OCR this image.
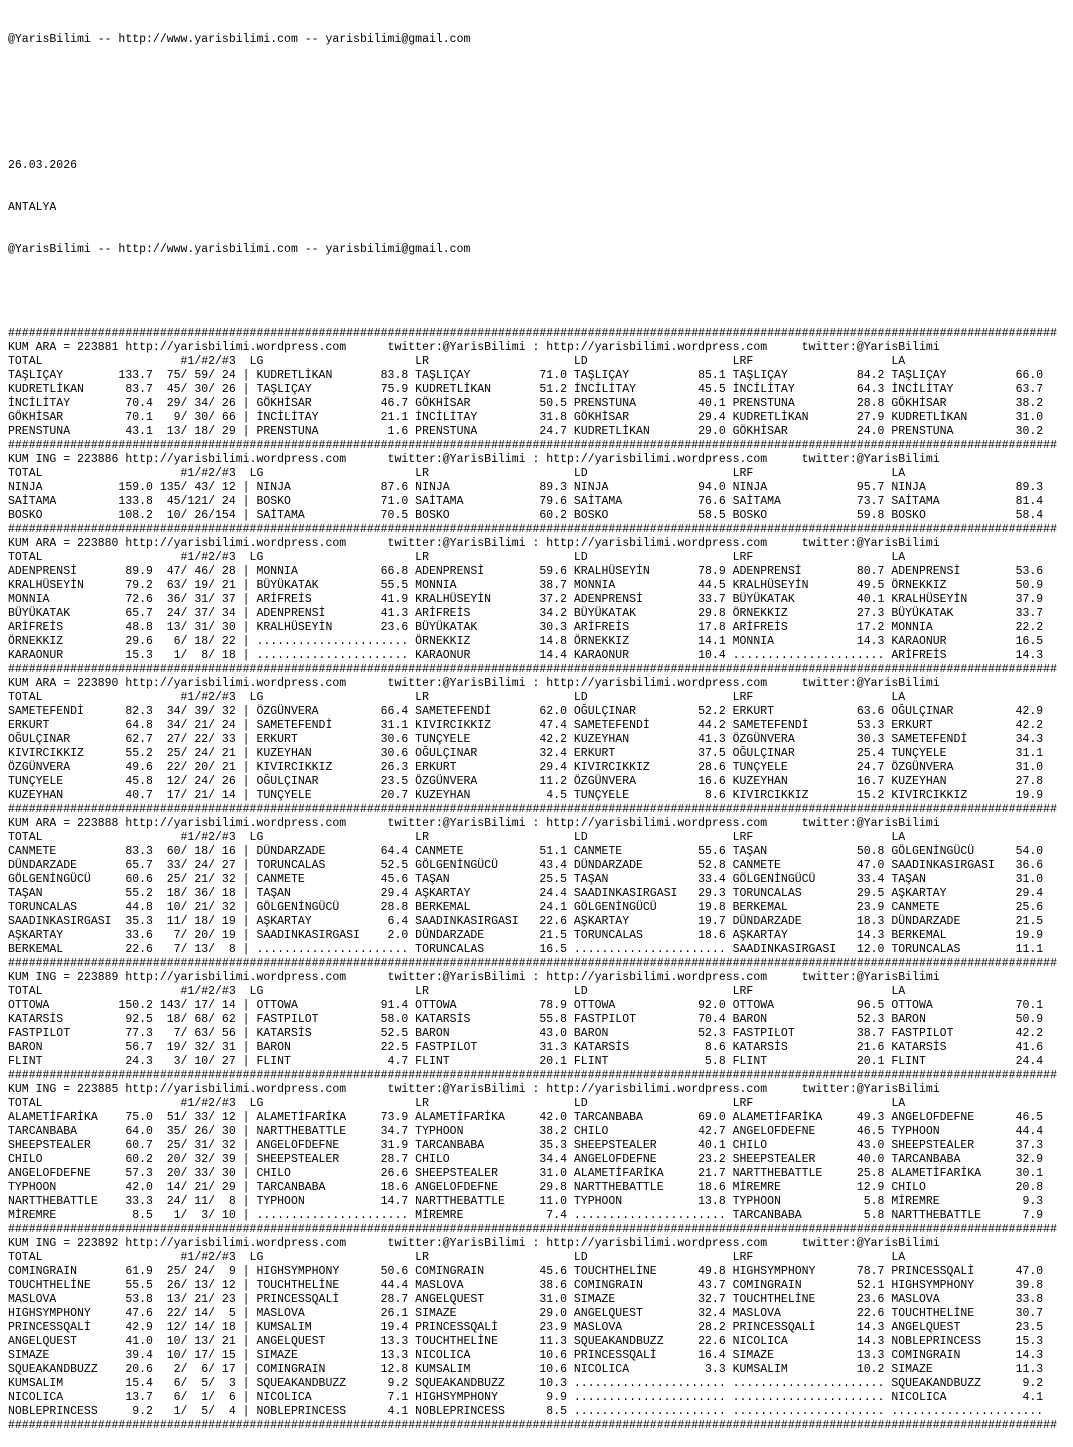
@YarisBilimi -- http://www.yarisbilimi.com -- yarisbilimi@gmail.com

26.03.2026

ANTALYA

@YarisBilimi -- http://www.yarisbilimi.com -- yarisbilimi@gmail.com

########################################################################################################################################################
KUM ARA = 223881 http://yarisbilimi.wordpress.com      twitter:@YarisBilimi : http://yarisbilimi.wordpress.com     twitter:@YarisBilimi
TOTAL                    #1/#2/#3  LG                      LR                     LD                     LRF                    LA
TAŞLIÇAY        133.7  75/ 59/ 24 | KUDRETLİKAN       83.8 TAŞLIÇAY          71.0 TAŞLIÇAY          85.1 TAŞLIÇAY          84.2 TAŞLIÇAY          66.0
KUDRETLİKAN      83.7  45/ 30/ 26 | TAŞLIÇAY          75.9 KUDRETLİKAN       51.2 İNCİLİTAY         45.5 İNCİLİTAY         64.3 İNCİLİTAY         63.7
İNCİLİTAY        70.4  29/ 34/ 26 | GÖKHİSAR          46.7 GÖKHİSAR          50.5 PRENSTUNA         40.1 PRENSTUNA         28.8 GÖKHİSAR          38.2
GÖKHİSAR         70.1   9/ 30/ 66 | İNCİLİTAY         21.1 İNCİLİTAY         31.8 GÖKHİSAR          29.4 KUDRETLİKAN       27.9 KUDRETLİKAN       31.0
PRENSTUNA        43.1  13/ 18/ 29 | PRENSTUNA          1.6 PRENSTUNA         24.7 KUDRETLİKAN       29.0 GÖKHİSAR          24.0 PRENSTUNA         30.2
########################################################################################################################################################
KUM ING = 223886 http://yarisbilimi.wordpress.com      twitter:@YarisBilimi : http://yarisbilimi.wordpress.com     twitter:@YarisBilimi
TOTAL                    #1/#2/#3  LG                      LR                     LD                     LRF                    LA
NINJA           159.0 135/ 43/ 12 | NINJA             87.6 NINJA             89.3 NINJA             94.0 NINJA             95.7 NINJA             89.3
SAİTAMA         133.8  45/121/ 24 | BOSKO             71.0 SAİTAMA           79.6 SAİTAMA           76.6 SAİTAMA           73.7 SAİTAMA           81.4
BOSKO           108.2  10/ 26/154 | SAİTAMA           70.5 BOSKO             60.2 BOSKO             58.5 BOSKO             59.8 BOSKO             58.4
########################################################################################################################################################
KUM ARA = 223880 http://yarisbilimi.wordpress.com      twitter:@YarisBilimi : http://yarisbilimi.wordpress.com     twitter:@YarisBilimi
TOTAL                    #1/#2/#3  LG                      LR                     LD                     LRF                    LA
ADENPRENSİ       89.9  47/ 46/ 28 | MONNIA            66.8 ADENPRENSİ        59.6 KRALHÜSEYİN       78.9 ADENPRENSİ        80.7 ADENPRENSİ        53.6
KRALHÜSEYİN      79.2  63/ 19/ 21 | BÜYÜKATAK         55.5 MONNIA            38.7 MONNIA            44.5 KRALHÜSEYİN       49.5 ÖRNEKKIZ          50.9
MONNIA           72.6  36/ 31/ 37 | ARİFREİS          41.9 KRALHÜSEYİN       37.2 ADENPRENSİ        33.7 BÜYÜKATAK         40.1 KRALHÜSEYİN       37.9
BÜYÜKATAK        65.7  24/ 37/ 34 | ADENPRENSİ        41.3 ARİFREİS          34.2 BÜYÜKATAK         29.8 ÖRNEKKIZ          27.3 BÜYÜKATAK         33.7
ARİFREİS         48.8  13/ 31/ 30 | KRALHÜSEYİN       23.6 BÜYÜKATAK         30.3 ARİFREİS          17.8 ARİFREİS          17.2 MONNIA            22.2
ÖRNEKKIZ         29.6   6/ 18/ 22 | ...................... ÖRNEKKIZ          14.8 ÖRNEKKIZ          14.1 MONNIA            14.3 KARAONUR          16.5
KARAONUR         15.3   1/  8/ 18 | ...................... KARAONUR          14.4 KARAONUR          10.4 ...................... ARİFREİS          14.3
########################################################################################################################################################
KUM ARA = 223890 http://yarisbilimi.wordpress.com      twitter:@YarisBilimi : http://yarisbilimi.wordpress.com     twitter:@YarisBilimi
TOTAL                    #1/#2/#3  LG                      LR                     LD                     LRF                    LA
SAMETEFENDİ      82.3  34/ 39/ 32 | ÖZGÜNVERA         66.4 SAMETEFENDİ       62.0 OĞULÇINAR         52.2 ERKURT            63.6 OĞULÇINAR         42.9
ERKURT           64.8  34/ 21/ 24 | SAMETEFENDİ       31.1 KIVIRCIKKIZ       47.4 SAMETEFENDİ       44.2 SAMETEFENDİ       53.3 ERKURT            42.2
OĞULÇINAR        62.7  27/ 22/ 33 | ERKURT            30.6 TUNÇYELE          42.2 KUZEYHAN          41.3 ÖZGÜNVERA         30.3 SAMETEFENDİ       34.3
KIVIRCIKKIZ      55.2  25/ 24/ 21 | KUZEYHAN          30.6 OĞULÇINAR         32.4 ERKURT            37.5 OĞULÇINAR         25.4 TUNÇYELE          31.1
ÖZGÜNVERA        49.6  22/ 20/ 21 | KIVIRCIKKIZ       26.3 ERKURT            29.4 KIVIRCIKKIZ       28.6 TUNÇYELE          24.7 ÖZGÜNVERA         31.0
TUNÇYELE         45.8  12/ 24/ 26 | OĞULÇINAR         23.5 ÖZGÜNVERA         11.2 ÖZGÜNVERA         16.6 KUZEYHAN          16.7 KUZEYHAN          27.8
KUZEYHAN         40.7  17/ 21/ 14 | TUNÇYELE          20.7 KUZEYHAN           4.5 TUNÇYELE           8.6 KIVIRCIKKIZ       15.2 KIVIRCIKKIZ       19.9
########################################################################################################################################################
KUM ARA = 223888 http://yarisbilimi.wordpress.com      twitter:@YarisBilimi : http://yarisbilimi.wordpress.com     twitter:@YarisBilimi
TOTAL                    #1/#2/#3  LG                      LR                     LD                     LRF                    LA
CANMETE          83.3  60/ 18/ 16 | DÜNDARZADE        64.4 CANMETE           51.1 CANMETE           55.6 TAŞAN             50.8 GÖLGENİNGÜCÜ      54.0
DÜNDARZADE       65.7  33/ 24/ 27 | TORUNCALAS        52.5 GÖLGENİNGÜCÜ      43.4 DÜNDARZADE        52.8 CANMETE           47.0 SAADINKASIRGASI   36.6
GÖLGENİNGÜCÜ     60.6  25/ 21/ 32 | CANMETE           45.6 TAŞAN             25.5 TAŞAN             33.4 GÖLGENİNGÜCÜ      33.4 TAŞAN             31.0
TAŞAN            55.2  18/ 36/ 18 | TAŞAN             29.4 AŞKARTAY          24.4 SAADINKASIRGASI   29.3 TORUNCALAS        29.5 AŞKARTAY          29.4
TORUNCALAS       44.8  10/ 21/ 32 | GÖLGENİNGÜCÜ      28.8 BERKEMAL          24.1 GÖLGENİNGÜCÜ      19.8 BERKEMAL          23.9 CANMETE           25.6
SAADINKASIRGASI  35.3  11/ 18/ 19 | AŞKARTAY           6.4 SAADINKASIRGASI   22.6 AŞKARTAY          19.7 DÜNDARZADE        18.3 DÜNDARZADE        21.5
AŞKARTAY         33.6   7/ 20/ 19 | SAADINKASIRGASI    2.0 DÜNDARZADE        21.5 TORUNCALAS        18.6 AŞKARTAY          14.3 BERKEMAL          19.9
BERKEMAL         22.6   7/ 13/  8 | ...................... TORUNCALAS        16.5 ...................... SAADINKASIRGASI   12.0 TORUNCALAS        11.1
########################################################################################################################################################
KUM ING = 223889 http://yarisbilimi.wordpress.com      twitter:@YarisBilimi : http://yarisbilimi.wordpress.com     twitter:@YarisBilimi
TOTAL                    #1/#2/#3  LG                      LR                     LD                     LRF                    LA
OTTOWA          150.2 143/ 17/ 14 | OTTOWA            91.4 OTTOWA            78.9 OTTOWA            92.0 OTTOWA            96.5 OTTOWA            70.1
KATARSİS         92.5  18/ 68/ 62 | FASTPILOT         58.0 KATARSİS          55.8 FASTPILOT         70.4 BARON             52.3 BARON             50.9
FASTPILOT        77.3   7/ 63/ 56 | KATARSİS          52.5 BARON             43.0 BARON             52.3 FASTPILOT         38.7 FASTPILOT         42.2
BARON            56.7  19/ 32/ 31 | BARON             22.5 FASTPILOT         31.3 KATARSİS           8.6 KATARSİS          21.6 KATARSİS          41.6
FLINT            24.3   3/ 10/ 27 | FLINT              4.7 FLINT             20.1 FLINT              5.8 FLINT             20.1 FLINT             24.4
########################################################################################################################################################
KUM ING = 223885 http://yarisbilimi.wordpress.com      twitter:@YarisBilimi : http://yarisbilimi.wordpress.com     twitter:@YarisBilimi
TOTAL                    #1/#2/#3  LG                      LR                     LD                     LRF                    LA
ALAMETİFARİKA    75.0  51/ 33/ 12 | ALAMETİFARİKA     73.9 ALAMETİFARİKA     42.0 TARCANBABA        69.0 ALAMETİFARİKA     49.3 ANGELOFDEFNE      46.5
TARCANBABA       64.0  35/ 26/ 30 | NARTTHEBATTLE     34.7 TYPHOON           38.2 CHILO             42.7 ANGELOFDEFNE      46.5 TYPHOON           44.4
SHEEPSTEALER     60.7  25/ 31/ 32 | ANGELOFDEFNE      31.9 TARCANBABA        35.3 SHEEPSTEALER      40.1 CHILO             43.0 SHEEPSTEALER      37.3
CHILO            60.2  20/ 32/ 39 | SHEEPSTEALER      28.7 CHILO             34.4 ANGELOFDEFNE      23.2 SHEEPSTEALER      40.0 TARCANBABA        32.9
ANGELOFDEFNE     57.3  20/ 33/ 30 | CHILO             26.6 SHEEPSTEALER      31.0 ALAMETİFARİKA     21.7 NARTTHEBATTLE     25.8 ALAMETİFARİKA     30.1
TYPHOON          42.0  14/ 21/ 29 | TARCANBABA        18.6 ANGELOFDEFNE      29.8 NARTTHEBATTLE     18.6 MİREMRE           12.9 CHILO             20.8
NARTTHEBATTLE    33.3  24/ 11/  8 | TYPHOON           14.7 NARTTHEBATTLE     11.0 TYPHOON           13.8 TYPHOON            5.8 MİREMRE            9.3
MİREMRE           8.5   1/  3/ 10 | ...................... MİREMRE            7.4 ...................... TARCANBABA         5.8 NARTTHEBATTLE      7.9
########################################################################################################################################################
KUM ING = 223892 http://yarisbilimi.wordpress.com      twitter:@YarisBilimi : http://yarisbilimi.wordpress.com     twitter:@YarisBilimi
TOTAL                    #1/#2/#3  LG                      LR                     LD                     LRF                    LA
COMINGRAIN       61.9  25/ 24/  9 | HIGHSYMPHONY      50.6 COMINGRAIN        45.6 TOUCHTHELİNE      49.8 HIGHSYMPHONY      78.7 PRINCESSQALİ      47.0
TOUCHTHELİNE     55.5  26/ 13/ 12 | TOUCHTHELİNE      44.4 MASLOVA           38.6 COMINGRAIN        43.7 COMINGRAIN        52.1 HIGHSYMPHONY      39.8
MASLOVA          53.8  13/ 21/ 23 | PRINCESSQALİ      28.7 ANGELQUEST        31.0 SIMAZE            32.7 TOUCHTHELİNE      23.6 MASLOVA           33.8
HIGHSYMPHONY     47.6  22/ 14/  5 | MASLOVA           26.1 SIMAZE            29.0 ANGELQUEST        32.4 MASLOVA           22.6 TOUCHTHELİNE      30.7
PRINCESSQALİ     42.9  12/ 14/ 18 | KUMSALIM          19.4 PRINCESSQALİ      23.9 MASLOVA           28.2 PRINCESSQALİ      14.3 ANGELQUEST        23.5
ANGELQUEST       41.0  10/ 13/ 21 | ANGELQUEST        13.3 TOUCHTHELİNE      11.3 SQUEAKANDBUZZ     22.6 NICOLICA          14.3 NOBLEPRINCESS     15.3
SIMAZE           39.4  10/ 17/ 15 | SIMAZE            13.3 NICOLICA          10.6 PRINCESSQALİ      16.4 SIMAZE            13.3 COMINGRAIN        14.3
SQUEAKANDBUZZ    20.6   2/  6/ 17 | COMINGRAIN        12.8 KUMSALIM          10.6 NICOLICA           3.3 KUMSALIM          10.2 SIMAZE            11.3
KUMSALIM         15.4   6/  5/  3 | SQUEAKANDBUZZ      9.2 SQUEAKANDBUZZ     10.3 ...................... ...................... SQUEAKANDBUZZ      9.2
NICOLICA         13.7   6/  1/  6 | NICOLICA           7.1 HIGHSYMPHONY       9.9 ...................... ...................... NICOLICA           4.1
NOBLEPRINCESS     9.2   1/  5/  4 | NOBLEPRINCESS      4.1 NOBLEPRINCESS      8.5 ...................... ...................... ......................
########################################################################################################################################################
